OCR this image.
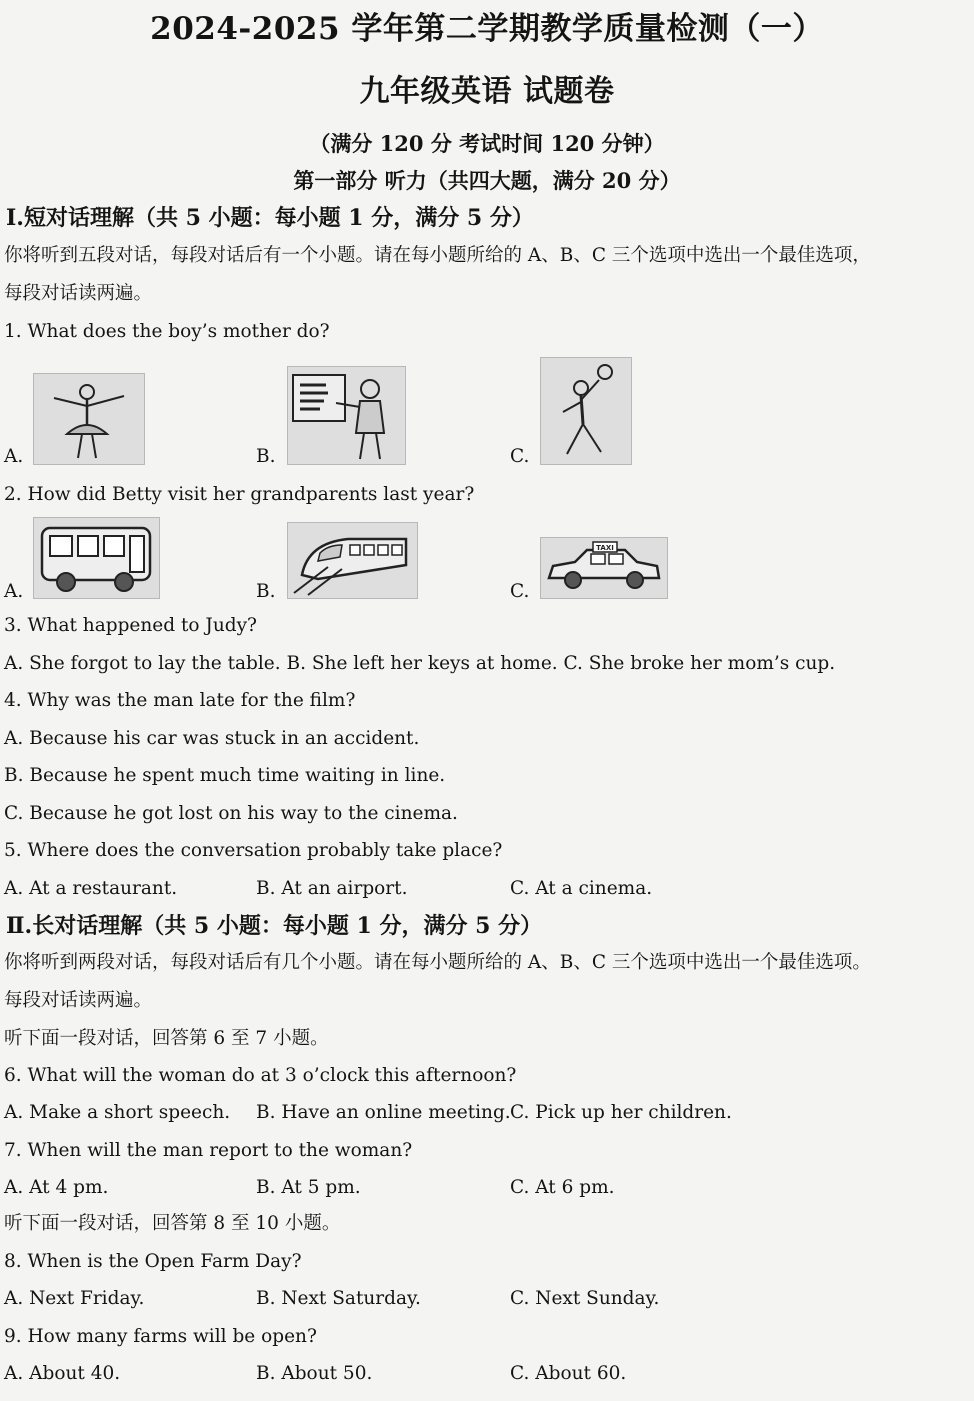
2024-2025 学年第二学期教学质量检测（一）
九年级英语 试题卷
（满分 120 分 考试时间 120 分钟）
第一部分 听力（共四大题，满分 20 分）
Ⅰ.短对话理解（共 5 小题：每小题 1 分，满分 5 分）
你将听到五段对话，每段对话后有一个小题。请在每小题所给的 A、B、C 三个选项中选出一个最佳选项，
每段对话读两遍。
1. What does the boy’s mother do?
A.	B.	C.
2. How did Betty visit her grandparents last year?
A.	B.	C.
TAXI
3. What happened to Judy?
A. She forgot to lay the table. B. She left her keys at home. C. She broke her mom’s cup.
4. Why was the man late for the film?
A. Because his car was stuck in an accident.
B. Because he spent much time waiting in line.
C. Because he got lost on his way to the cinema.
5. Where does the conversation probably take place?
A. At a restaurant.	B. At an airport.	C. At a cinema.
Ⅱ.长对话理解（共 5 小题：每小题 1 分，满分 5 分）
你将听到两段对话，每段对话后有几个小题。请在每小题所给的 A、B、C 三个选项中选出一个最佳选项。
每段对话读两遍。
听下面一段对话，回答第 6 至 7 小题。
6. What will the woman do at 3 o’clock this afternoon?
A. Make a short speech. B. Have an online meeting. C. Pick up her children.
7. When will the man report to the woman?
A. At 4 pm.	B. At 5 pm.	C. At 6 pm.
听下面一段对话，回答第 8 至 10 小题。
8. When is the Open Farm Day?
A. Next Friday.	B. Next Saturday.	C. Next Sunday.
9. How many farms will be open?
A. About 40.	B. About 50.	C. About 60.
